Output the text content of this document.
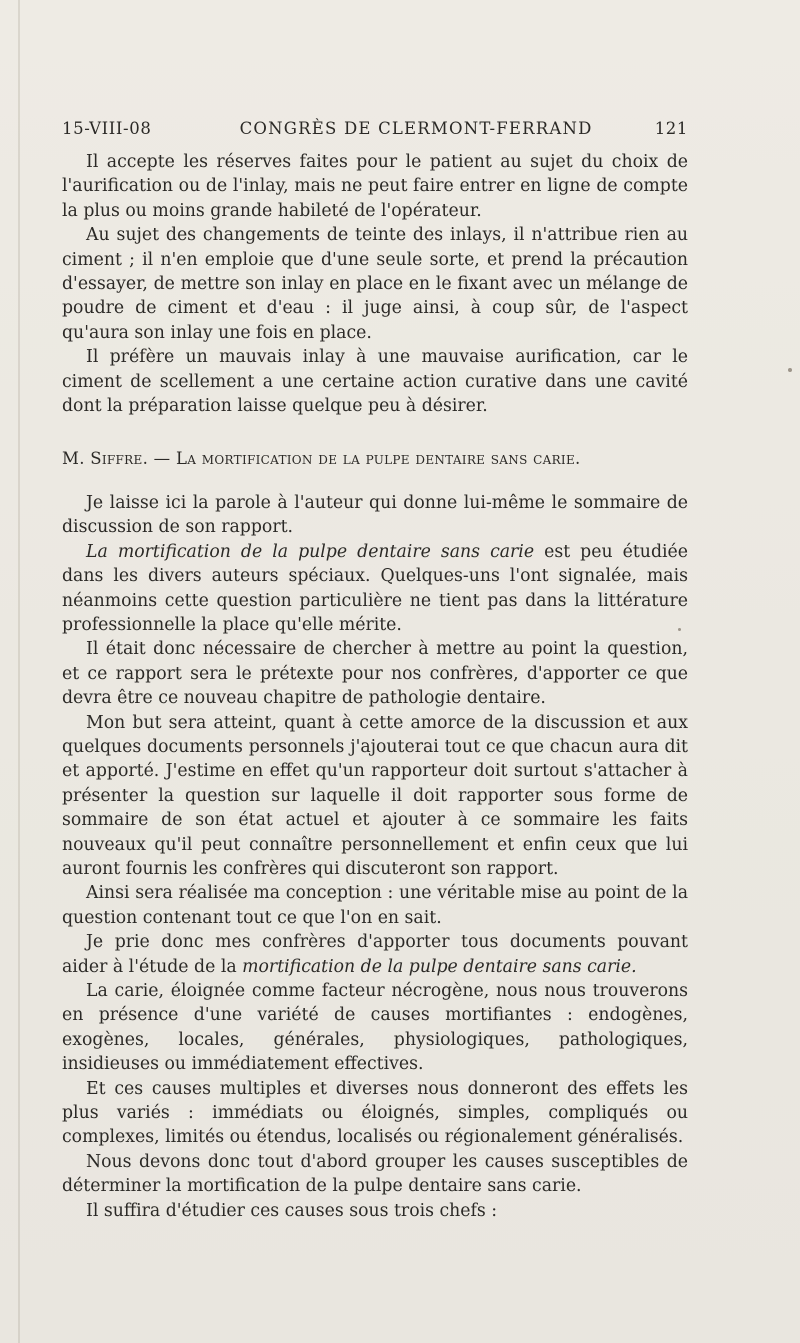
15-VIII-08	CONGRÈS DE CLERMONT-FERRAND	121

Il accepte les réserves faites pour le patient au sujet du choix de l'aurification ou de l'inlay, mais ne peut faire entrer en ligne de compte la plus ou moins grande habileté de l'opérateur.

Au sujet des changements de teinte des inlays, il n'attribue rien au ciment ; il n'en emploie que d'une seule sorte, et prend la précaution d'essayer, de mettre son inlay en place en le fixant avec un mélange de poudre de ciment et d'eau : il juge ainsi, à coup sûr, de l'aspect qu'aura son inlay une fois en place.

Il préfère un mauvais inlay à une mauvaise aurification, car le ciment de scellement a une certaine action curative dans une cavité dont la préparation laisse quelque peu à désirer.

M. Siffre. — La mortification de la pulpe dentaire sans carie.

Je laisse ici la parole à l'auteur qui donne lui-même le sommaire de discussion de son rapport.

La mortification de la pulpe dentaire sans carie est peu étudiée dans les divers auteurs spéciaux. Quelques-uns l'ont signalée, mais néanmoins cette question particulière ne tient pas dans la littérature professionnelle la place qu'elle mérite.

Il était donc nécessaire de chercher à mettre au point la question, et ce rapport sera le prétexte pour nos confrères, d'apporter ce que devra être ce nouveau chapitre de pathologie dentaire.

Mon but sera atteint, quant à cette amorce de la discussion et aux quelques documents personnels j'ajouterai tout ce que chacun aura dit et apporté. J'estime en effet qu'un rapporteur doit surtout s'attacher à présenter la question sur laquelle il doit rapporter sous forme de sommaire de son état actuel et ajouter à ce sommaire les faits nouveaux qu'il peut connaître personnellement et enfin ceux que lui auront fournis les confrères qui discuteront son rapport.

Ainsi sera réalisée ma conception : une véritable mise au point de la question contenant tout ce que l'on en sait.

Je prie donc mes confrères d'apporter tous documents pouvant aider à l'étude de la mortification de la pulpe dentaire sans carie.

La carie, éloignée comme facteur nécrogène, nous nous trouverons en présence d'une variété de causes mortifiantes : endogènes, exogènes, locales, générales, physiologiques, pathologiques, insidieuses ou immédiatement effectives.

Et ces causes multiples et diverses nous donneront des effets les plus variés : immédiats ou éloignés, simples, compliqués ou complexes, limités ou étendus, localisés ou régionalement généralisés.

Nous devons donc tout d'abord grouper les causes susceptibles de déterminer la mortification de la pulpe dentaire sans carie.

Il suffira d'étudier ces causes sous trois chefs :
